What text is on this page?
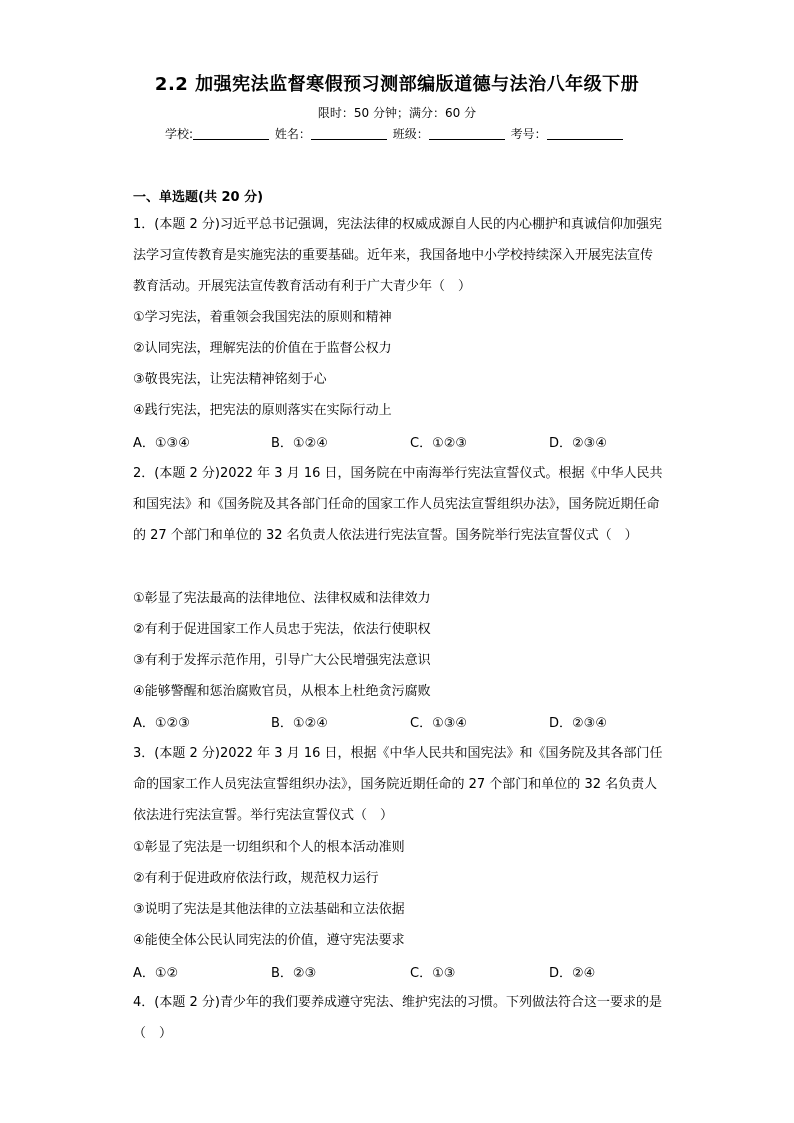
2.2 加强宪法监督寒假预习测部编版道德与法治八年级下册
限时：50 分钟；满分：60 分
学校:	姓名：	班级：	考号：
一、单选题(共 20 分)
1．(本题 2 分)习近平总书记强调，宪法法律的权威成源自人民的内心棚护和真诚信仰加强宪法学习宣传教育是实施宪法的重要基础。近年来，我国备地中小学校持续深入开展宪法宣传教育活动。开展宪法宣传教育活动有利于广大青少年（　）
①学习宪法，着重领会我国宪法的原则和精神
②认同宪法，理解宪法的价值在于监督公权力
③敬畏宪法，让宪法精神铭刻于心
④践行宪法，把宪法的原则落实在实际行动上
A．①③④	B．①②④	C．①②③	D．②③④
2．(本题 2 分)2022 年 3 月 16 日，国务院在中南海举行宪法宣誓仪式。根据《中华人民共和国宪法》和《国务院及其各部门任命的国家工作人员宪法宣誓组织办法》，国务院近期任命的 27 个部门和单位的 32 名负责人依法进行宪法宣誓。国务院举行宪法宣誓仪式（　）
①彰显了宪法最高的法律地位、法律权威和法律效力
②有利于促进国家工作人员忠于宪法，依法行使职权
③有利于发挥示范作用，引导广大公民增强宪法意识
④能够警醒和惩治腐败官员，从根本上杜绝贪污腐败
A．①②③	B．①②④	C．①③④	D．②③④
3．(本题 2 分)2022 年 3 月 16 日，根据《中华人民共和国宪法》和《国务院及其各部门任命的国家工作人员宪法宣誓组织办法》，国务院近期任命的 27 个部门和单位的 32 名负责人依法进行宪法宣誓。举行宪法宣誓仪式（　）
①彰显了宪法是一切组织和个人的根本活动准则
②有利于促进政府依法行政，规范权力运行
③说明了宪法是其他法律的立法基础和立法依据
④能使全体公民认同宪法的价值，遵守宪法要求
A．①②	B．②③	C．①③	D．②④
4．(本题 2 分)青少年的我们要养成遵守宪法、维护宪法的习惯。下列做法符合这一要求的是（　）
